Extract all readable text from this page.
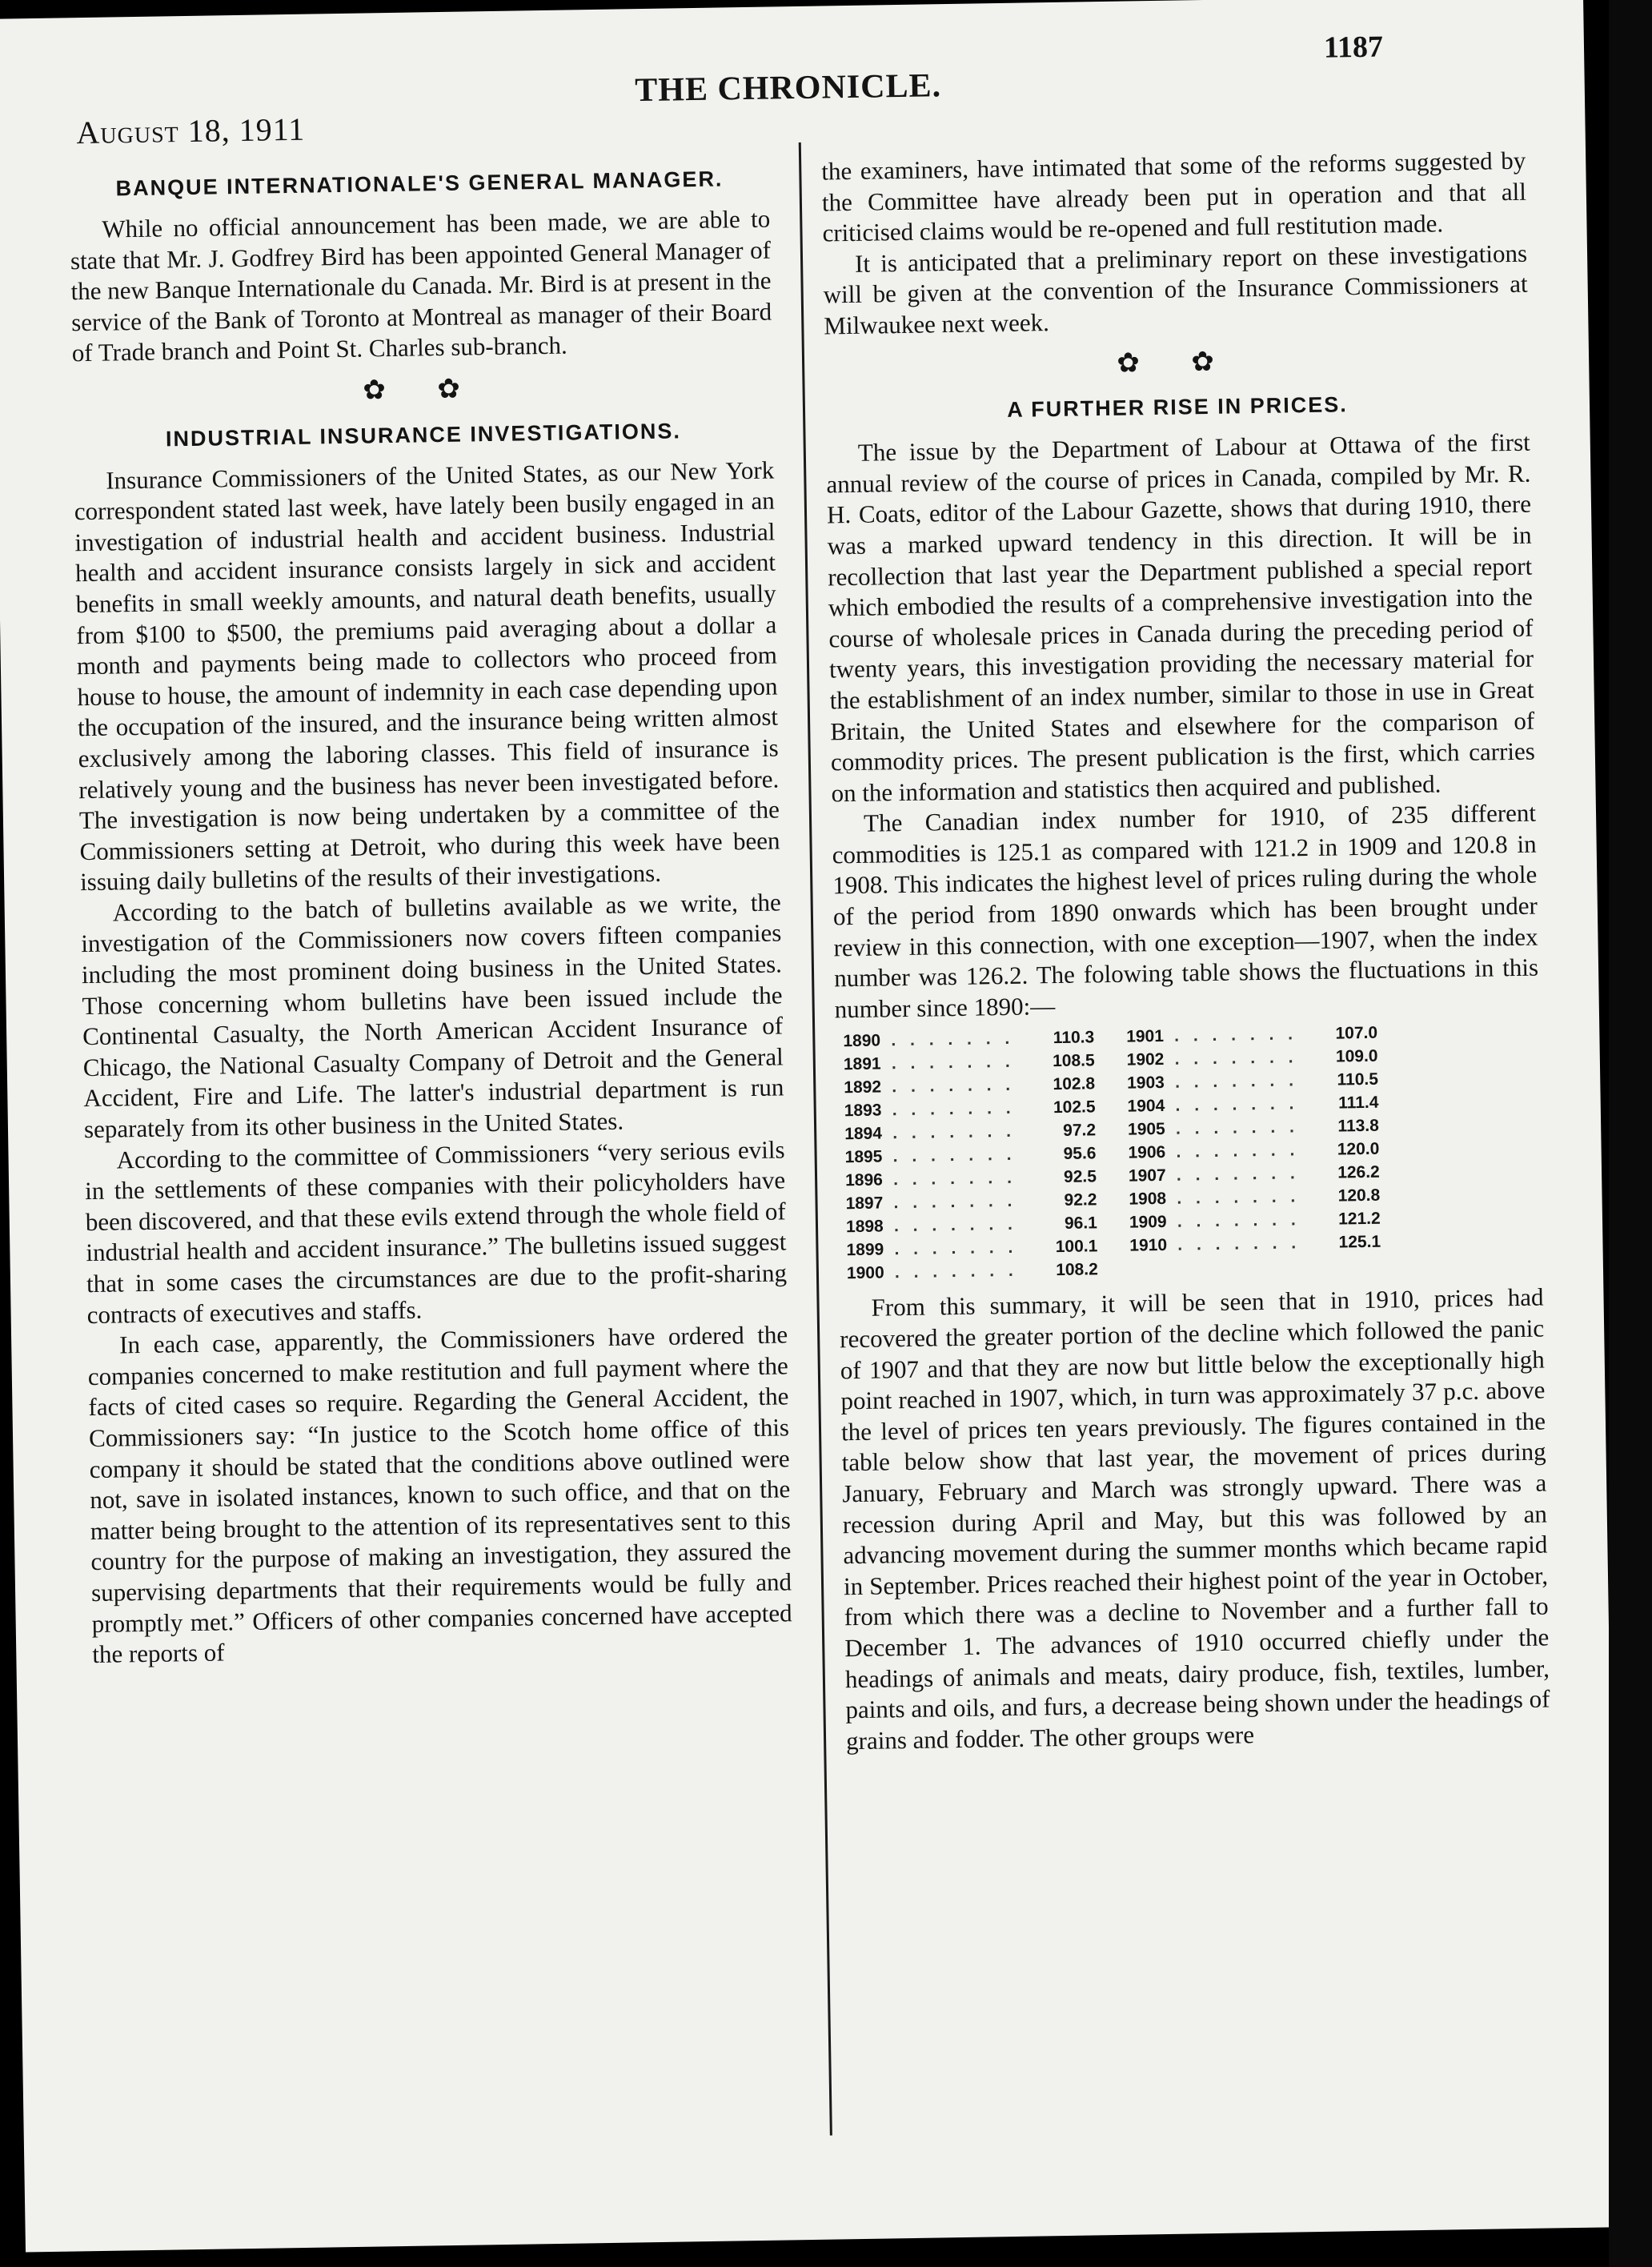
1187
THE CHRONICLE.
August 18, 1911
BANQUE INTERNATIONALE'S GENERAL MANAGER.

While no official announcement has been made, we are able to state that Mr. J. Godfrey Bird has been appointed General Manager of the new Banque Internationale du Canada. Mr. Bird is at present in the service of the Bank of Toronto at Montreal as manager of their Board of Trade branch and Point St. Charles sub-branch.

✿ ✿
INDUSTRIAL INSURANCE INVESTIGATIONS.

Insurance Commissioners of the United States, as our New York correspondent stated last week, have lately been busily engaged in an investigation of industrial health and accident business. Industrial health and accident insurance consists largely in sick and accident benefits in small weekly amounts, and natural death benefits, usually from $100 to $500, the premiums paid averaging about a dollar a month and payments being made to collectors who proceed from house to house, the amount of indemnity in each case depending upon the occupation of the insured, and the insurance being written almost exclusively among the laboring classes. This field of insurance is relatively young and the business has never been investigated before. The investigation is now being undertaken by a committee of the Commissioners setting at Detroit, who during this week have been issuing daily bulletins of the results of their investigations.

According to the batch of bulletins available as we write, the investigation of the Commissioners now covers fifteen companies including the most prominent doing business in the United States. Those concerning whom bulletins have been issued include the Continental Casualty, the North American Accident Insurance of Chicago, the National Casualty Company of Detroit and the General Accident, Fire and Life. The latter's industrial department is run separately from its other business in the United States.

According to the committee of Commissioners “very serious evils in the settlements of these companies with their policyholders have been discovered, and that these evils extend through the whole field of industrial health and accident insurance.” The bulletins issued suggest that in some cases the circumstances are due to the profit-sharing contracts of executives and staffs.

In each case, apparently, the Commissioners have ordered the companies concerned to make restitution and full payment where the facts of cited cases so require. Regarding the General Accident, the Commissioners say: “In justice to the Scotch home office of this company it should be stated that the conditions above outlined were not, save in isolated instances, known to such office, and that on the matter being brought to the attention of its representatives sent to this country for the purpose of making an investigation, they assured the supervising departments that their requirements would be fully and promptly met.” Officers of other companies concerned have accepted the reports of

the examiners, have intimated that some of the reforms suggested by the Committee have already been put in operation and that all criticised claims would be re-opened and full restitution made.

It is anticipated that a preliminary report on these investigations will be given at the convention of the Insurance Commissioners at Milwaukee next week.

✿ ✿
A FURTHER RISE IN PRICES.

The issue by the Department of Labour at Ottawa of the first annual review of the course of prices in Canada, compiled by Mr. R. H. Coats, editor of the Labour Gazette, shows that during 1910, there was a marked upward tendency in this direction. It will be in recollection that last year the Department published a special report which embodied the results of a comprehensive investigation into the course of wholesale prices in Canada during the preceding period of twenty years, this investigation providing the necessary material for the establishment of an index number, similar to those in use in Great Britain, the United States and elsewhere for the comparison of commodity prices. The present publication is the first, which carries on the information and statistics then acquired and published.

The Canadian index number for 1910, of 235 different commodities is 125.1 as compared with 121.2 in 1909 and 120.8 in 1908. This indicates the highest level of prices ruling during the whole of the period from 1890 onwards which has been brought under review in this connection, with one exception—1907, when the index number was 126.2. The folowing table shows the fluctuations in this number since 1890:—

1890	. . . . . . .	110.3	1901	. . . . . . .	107.0
1891	. . . . . . .	108.5	1902	. . . . . . .	109.0
1892	. . . . . . .	102.8	1903	. . . . . . .	110.5
1893	. . . . . . .	102.5	1904	. . . . . . .	111.4
1894	. . . . . . .	97.2	1905	. . . . . . .	113.8
1895	. . . . . . .	95.6	1906	. . . . . . .	120.0
1896	. . . . . . .	92.5	1907	. . . . . . .	126.2
1897	. . . . . . .	92.2	1908	. . . . . . .	120.8
1898	. . . . . . .	96.1	1909	. . . . . . .	121.2
1899	. . . . . . .	100.1	1910	. . . . . . .	125.1
1900	. . . . . . .	108.2			

From this summary, it will be seen that in 1910, prices had recovered the greater portion of the decline which followed the panic of 1907 and that they are now but little below the exceptionally high point reached in 1907, which, in turn was approximately 37 p.c. above the level of prices ten years previously. The figures contained in the table below show that last year, the movement of prices during January, February and March was strongly upward. There was a recession during April and May, but this was followed by an advancing movement during the summer months which became rapid in September. Prices reached their highest point of the year in October, from which there was a decline to November and a further fall to December 1. The advances of 1910 occurred chiefly under the headings of animals and meats, dairy produce, fish, textiles, lumber, paints and oils, and furs, a decrease being shown under the headings of grains and fodder. The other groups were
